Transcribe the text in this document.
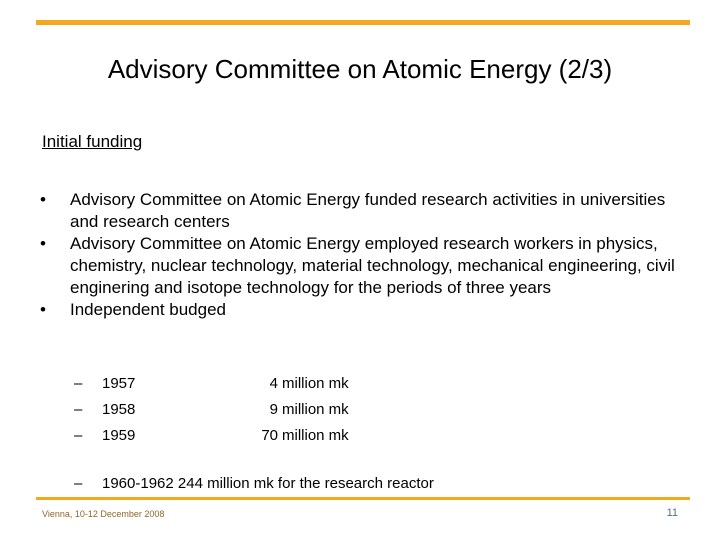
Advisory Committee on Atomic Energy (2/3)
Initial funding
• Advisory Committee on Atomic Energy funded research activities in universities and research centers
• Advisory Committee on Atomic Energy employed research workers in physics, chemistry, nuclear technology, material technology, mechanical engineering, civil enginering and isotope technology for the periods of three years
• Independent budged
–	1957	4 million mk
–	1958	9 million mk
–	1959	70 million mk
– 1960-1962 244 million mk for the research reactor
Vienna, 10-12 December 2008	11
